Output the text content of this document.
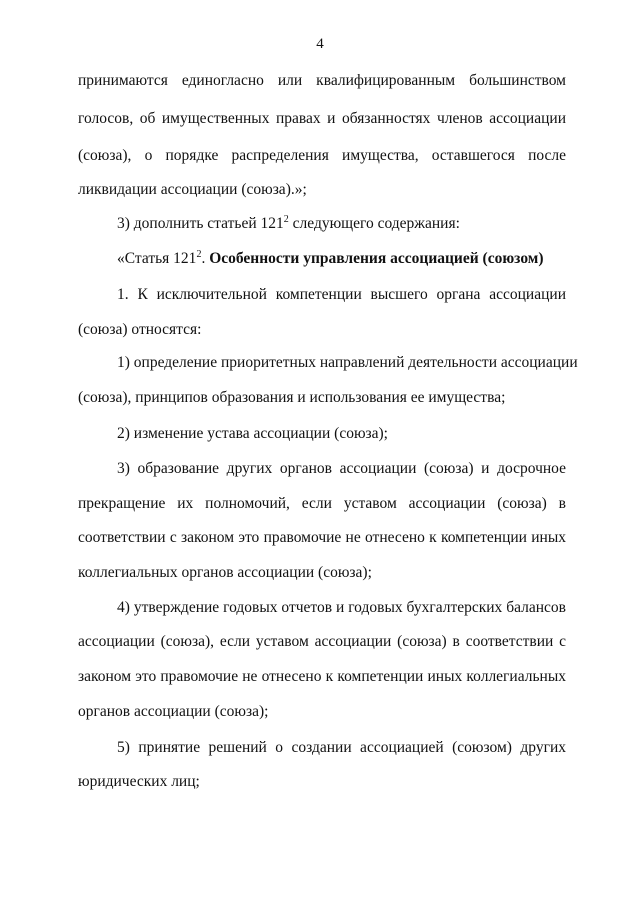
4
принимаются единогласно или квалифицированным большинством
голосов, об имущественных правах и обязанностях членов ассоциации
(союза), о порядке распределения имущества, оставшегося после
ликвидации ассоциации (союза).»;
3) дополнить статьей $121^2$ следующего содержания:
«Статья $121^2$. Особенности управления ассоциацией (союзом)
1. К исключительной компетенции высшего органа ассоциации
(союза) относятся:
1) определение приоритетных направлений деятельности ассоциации
(союза), принципов образования и использования ее имущества;
2) изменение устава ассоциации (союза);
3) образование других органов ассоциации (союза) и досрочное
прекращение их полномочий, если уставом ассоциации (союза) в
соответствии с законом это правомочие не отнесено к компетенции иных
коллегиальных органов ассоциации (союза);
4) утверждение годовых отчетов и годовых бухгалтерских балансов
ассоциации (союза), если уставом ассоциации (союза) в соответствии с
законом это правомочие не отнесено к компетенции иных коллегиальных
органов ассоциации (союза);
5) принятие решений о создании ассоциацией (союзом) других
юридических лиц;
